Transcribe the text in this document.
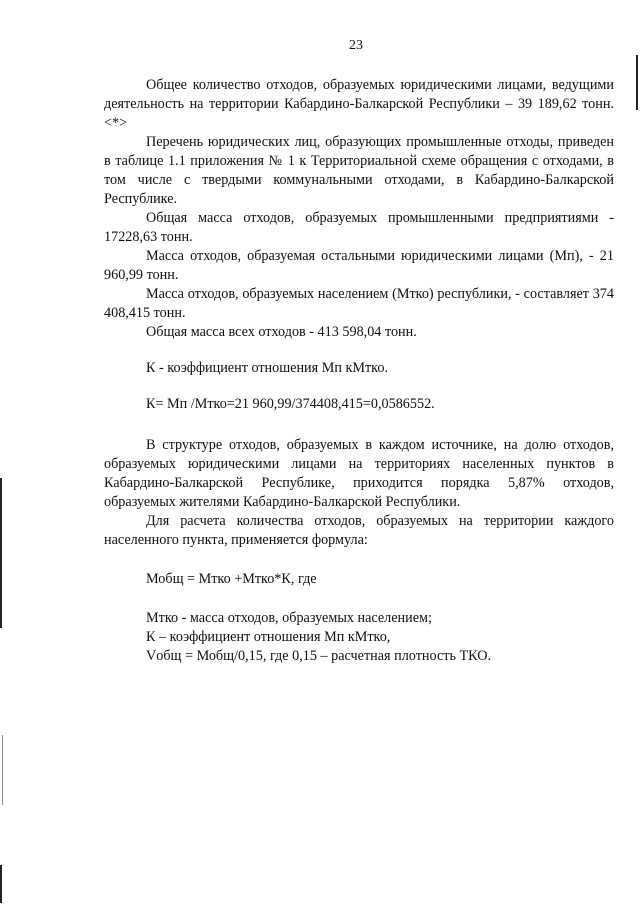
23

Общее количество отходов, образуемых юридическими лицами, ведущими деятельность на территории Кабардино-Балкарской Республики – 39 189,62 тонн.<*>

Перечень юридических лиц, образующих промышленные отходы, приведен в таблице 1.1 приложения № 1 к Территориальной схеме обращения с отходами, в том числе с твердыми коммунальными отходами, в Кабардино-Балкарской Республике.

Общая масса отходов, образуемых промышленными предприятиями - 17228,63 тонн.

Масса отходов, образуемая остальными юридическими лицами (Мп), - 21 960,99 тонн.

Масса отходов, образуемых населением (Мтко) республики, - составляет 374 408,415 тонн.

Общая масса всех отходов - 413 598,04 тонн.

К - коэффициент отношения Мп кМтко.
К= Мп /Мтко=21 960,99/374408,415=0,0586552.

В структуре отходов, образуемых в каждом источнике, на долю отходов, образуемых юридическими лицами на территориях населенных пунктов в Кабардино-Балкарской Республике, приходится порядка 5,87% отходов, образуемых жителями Кабардино-Балкарской Республики.

Для расчета количества отходов, образуемых на территории каждого населенного пункта, применяется формула:

Мобщ = Мтко +Мтко*К, где
Мтко - масса отходов, образуемых населением;
К – коэффициент отношения Мп кМтко,
Vобщ = Мобщ/0,15, где 0,15 – расчетная плотность ТКО.
